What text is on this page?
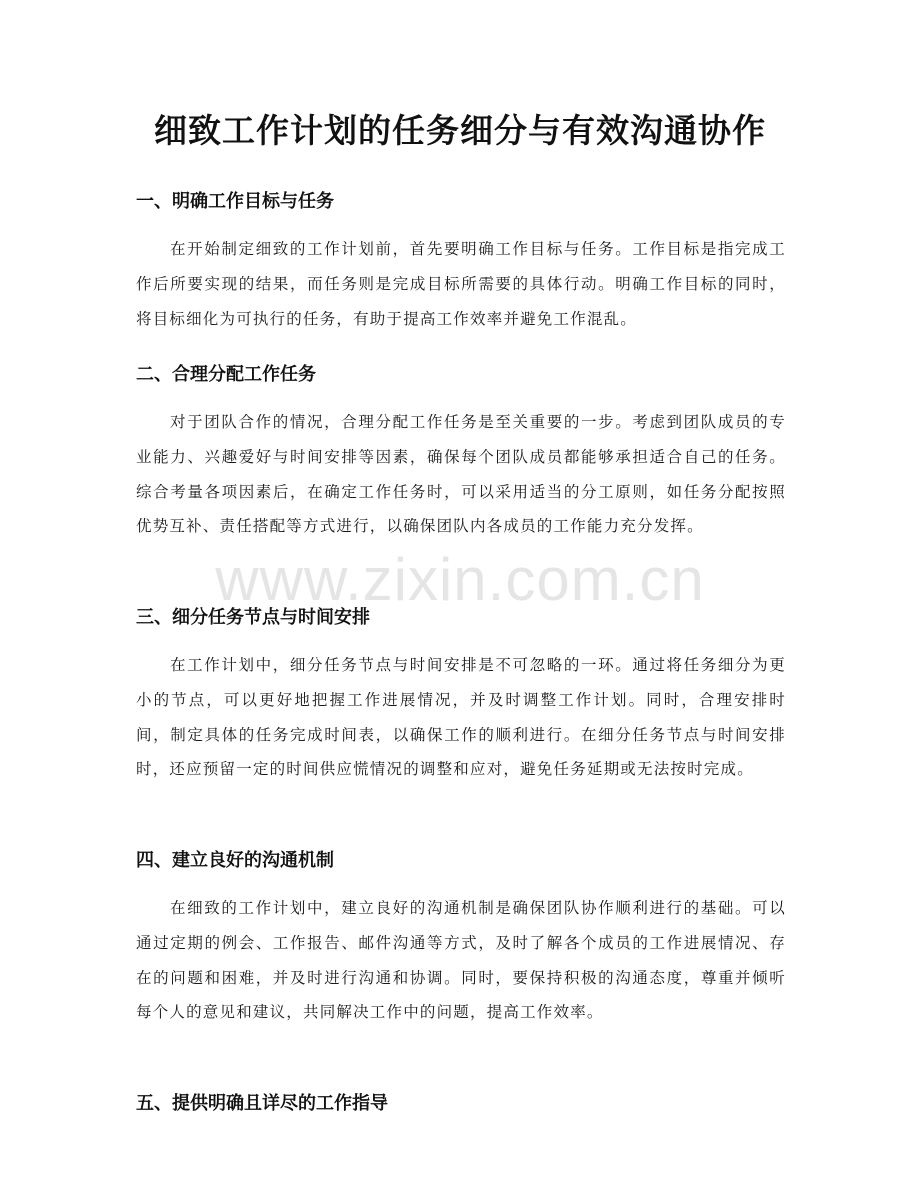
细致工作计划的任务细分与有效沟通协作
一、明确工作目标与任务

在开始制定细致的工作计划前，首先要明确工作目标与任务。工作目标是指完成工作后所要实现的结果，而任务则是完成目标所需要的具体行动。明确工作目标的同时，将目标细化为可执行的任务，有助于提高工作效率并避免工作混乱。

二、合理分配工作任务

对于团队合作的情况，合理分配工作任务是至关重要的一步。考虑到团队成员的专业能力、兴趣爱好与时间安排等因素，确保每个团队成员都能够承担适合自己的任务。综合考量各项因素后，在确定工作任务时，可以采用适当的分工原则，如任务分配按照优势互补、责任搭配等方式进行，以确保团队内各成员的工作能力充分发挥。

三、细分任务节点与时间安排

在工作计划中，细分任务节点与时间安排是不可忽略的一环。通过将任务细分为更小的节点，可以更好地把握工作进展情况，并及时调整工作计划。同时，合理安排时间，制定具体的任务完成时间表，以确保工作的顺利进行。在细分任务节点与时间安排时，还应预留一定的时间供应慌情况的调整和应对，避免任务延期或无法按时完成。

四、建立良好的沟通机制

在细致的工作计划中，建立良好的沟通机制是确保团队协作顺利进行的基础。可以通过定期的例会、工作报告、邮件沟通等方式，及时了解各个成员的工作进展情况、存在的问题和困难，并及时进行沟通和协调。同时，要保持积极的沟通态度，尊重并倾听每个人的意见和建议，共同解决工作中的问题，提高工作效率。

五、提供明确且详尽的工作指导
www.zixin.com.cn
